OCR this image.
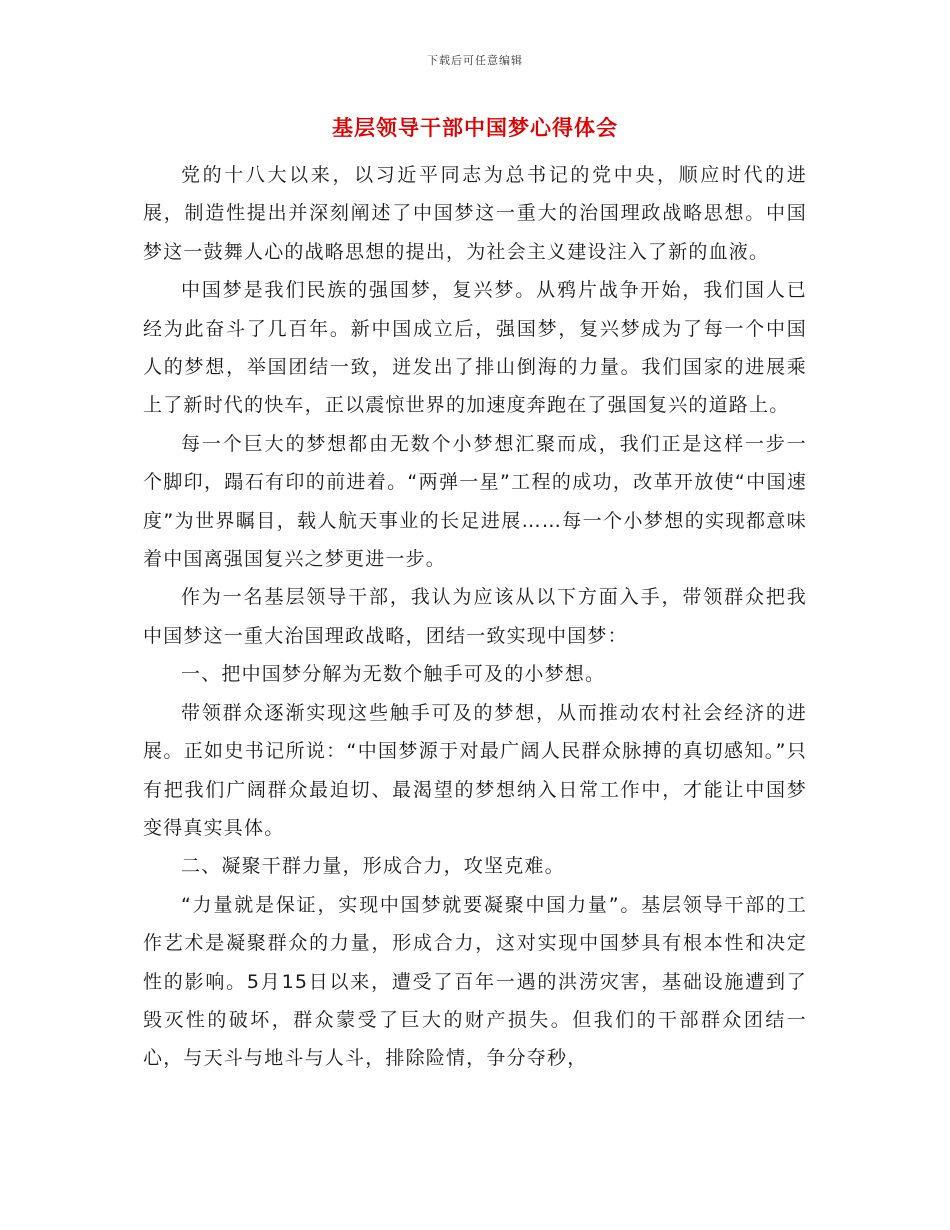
下载后可任意编辑
基层领导干部中国梦心得体会

党的十八大以来，以习近平同志为总书记的党中央，顺应时代的进展，制造性提出并深刻阐述了中国梦这一重大的治国理政战略思想。中国梦这一鼓舞人心的战略思想的提出，为社会主义建设注入了新的血液。

中国梦是我们民族的强国梦，复兴梦。从鸦片战争开始，我们国人已经为此奋斗了几百年。新中国成立后，强国梦，复兴梦成为了每一个中国人的梦想，举国团结一致，迸发出了排山倒海的力量。我们国家的进展乘上了新时代的快车，正以震惊世界的加速度奔跑在了强国复兴的道路上。

每一个巨大的梦想都由无数个小梦想汇聚而成，我们正是这样一步一个脚印，蹋石有印的前进着。“两弹一星”工程的成功，改革开放使“中国速度”为世界瞩目，载人航天事业的长足进展……每一个小梦想的实现都意味着中国离强国复兴之梦更进一步。

作为一名基层领导干部，我认为应该从以下方面入手，带领群众把我中国梦这一重大治国理政战略，团结一致实现中国梦：

一、把中国梦分解为无数个触手可及的小梦想。

带领群众逐渐实现这些触手可及的梦想，从而推动农村社会经济的进展。正如史书记所说：“中国梦源于对最广阔人民群众脉搏的真切感知。”只有把我们广阔群众最迫切、最渴望的梦想纳入日常工作中，才能让中国梦变得真实具体。

二、凝聚干群力量，形成合力，攻坚克难。

“力量就是保证，实现中国梦就要凝聚中国力量”。基层领导干部的工作艺术是凝聚群众的力量，形成合力，这对实现中国梦具有根本性和决定性的影响。5月15日以来，遭受了百年一遇的洪涝灾害，基础设施遭到了毁灭性的破坏，群众蒙受了巨大的财产损失。但我们的干部群众团结一心，与天斗与地斗与人斗，排除险情，争分夺秒，
